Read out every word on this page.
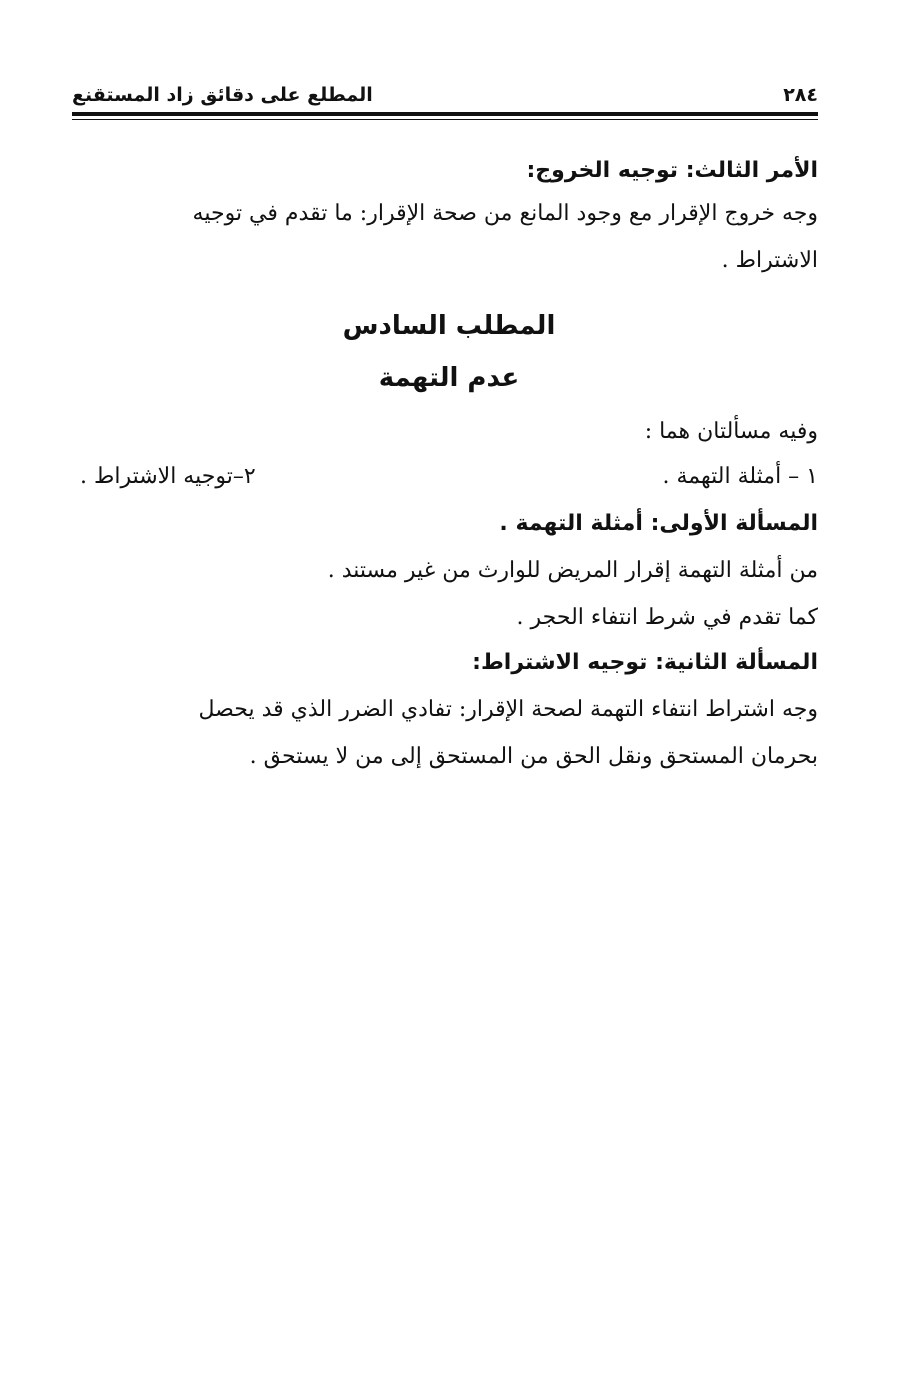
٢٨٤
المطلع على دقائق زاد المستقنع

الأمر الثالث: توجيه الخروج:

وجه خروج الإقرار مع وجود المانع من صحة الإقرار: ما تقدم في توجيه

الاشتراط .

المطلب السادس

عدم التهمة

وفيه مسألتان هما :

١ – أمثلة التهمة .
٢–توجيه الاشتراط .

المسألة الأولى: أمثلة التهمة .

من أمثلة التهمة إقرار المريض للوارث من غير مستند .

كما تقدم في شرط انتفاء الحجر .

المسألة الثانية: توجيه الاشتراط:

وجه اشتراط انتفاء التهمة لصحة الإقرار: تفادي الضرر الذي قد يحصل

بحرمان المستحق ونقل الحق من المستحق إلى من لا يستحق .
